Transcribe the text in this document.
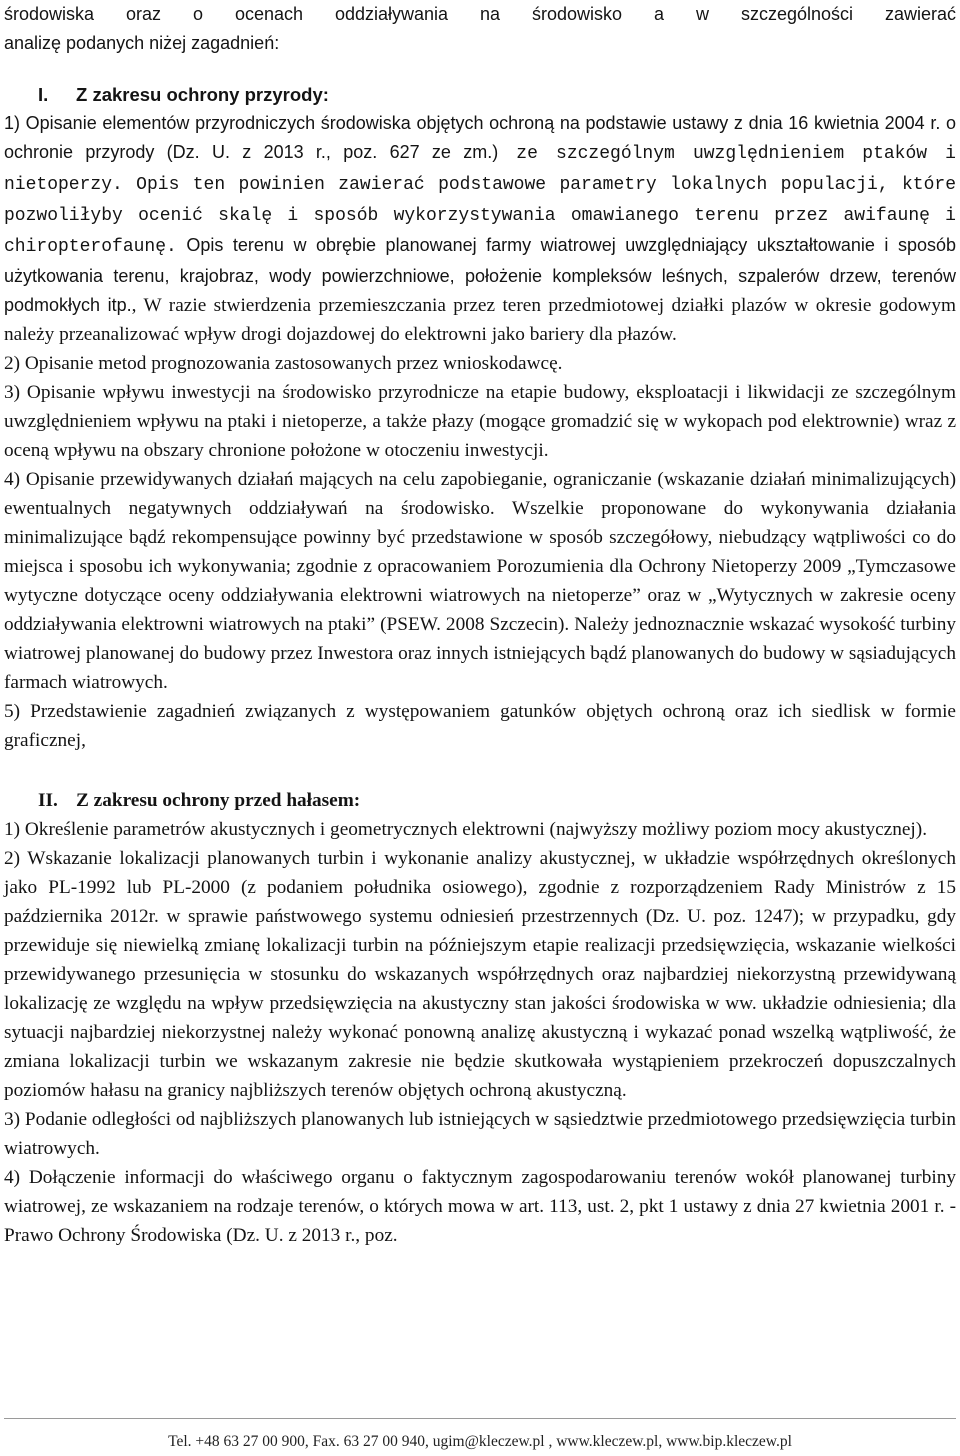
środowiska oraz o ocenach oddziaływania na środowisko a w szczególności zawierać

analizę podanych niżej zagadnień:

I. Z zakresu ochrony przyrody:

1) Opisanie elementów przyrodniczych środowiska objętych ochroną na podstawie ustawy z dnia 16 kwietnia 2004 r. o ochronie przyrody (Dz. U. z 2013 r., poz. 627 ze zm.) ze szczególnym uwzględnieniem ptaków i nietoperzy. Opis ten powinien zawierać podstawowe parametry lokalnych populacji, które pozwoliłyby ocenić skalę i sposób wykorzystywania omawianego terenu przez awifaunę i chiropterofaunę. Opis terenu w obrębie planowanej farmy wiatrowej uwzględniający ukształtowanie i sposób użytkowania terenu, krajobraz, wody powierzchniowe, położenie kompleksów leśnych, szpalerów drzew, terenów podmokłych itp., W razie stwierdzenia przemieszczania przez teren przedmiotowej działki plazów w okresie godowym należy przeanalizować wpływ drogi dojazdowej do elektrowni jako bariery dla płazów.

2) Opisanie metod prognozowania zastosowanych przez wnioskodawcę.

3) Opisanie wpływu inwestycji na środowisko przyrodnicze na etapie budowy, eksploatacji i likwidacji ze szczególnym uwzględnieniem wpływu na ptaki i nietoperze, a także płazy (mogące gromadzić się w wykopach pod elektrownie) wraz z oceną wpływu na obszary chronione położone w otoczeniu inwestycji.

4) Opisanie przewidywanych działań mających na celu zapobieganie, ograniczanie (wskazanie działań minimalizujących) ewentualnych negatywnych oddziaływań na środowisko. Wszelkie proponowane do wykonywania działania minimalizujące bądź rekompensujące powinny być przedstawione w sposób szczegółowy, niebudzący wątpliwości co do miejsca i sposobu ich wykonywania; zgodnie z opracowaniem Porozumienia dla Ochrony Nietoperzy 2009 „Tymczasowe wytyczne dotyczące oceny oddziaływania elektrowni wiatrowych na nietoperze” oraz w „Wytycznych w zakresie oceny oddziaływania elektrowni wiatrowych na ptaki” (PSEW. 2008 Szczecin). Należy jednoznacznie wskazać wysokość turbiny wiatrowej planowanej do budowy przez Inwestora oraz innych istniejących bądź planowanych do budowy w sąsiadujących farmach wiatrowych.

5) Przedstawienie zagadnień związanych z występowaniem gatunków objętych ochroną oraz ich siedlisk w formie graficznej,

II. Z zakresu ochrony przed hałasem:

1) Określenie parametrów akustycznych i geometrycznych elektrowni (najwyższy możliwy poziom mocy akustycznej).

2) Wskazanie lokalizacji planowanych turbin i wykonanie analizy akustycznej, w układzie współrzędnych określonych jako PL-1992 lub PL-2000 (z podaniem południka osiowego), zgodnie z rozporządzeniem Rady Ministrów z 15 października 2012r. w sprawie państwowego systemu odniesień przestrzennych (Dz. U. poz. 1247); w przypadku, gdy przewiduje się niewielką zmianę lokalizacji turbin na późniejszym etapie realizacji przedsięwzięcia, wskazanie wielkości przewidywanego przesunięcia w stosunku do wskazanych współrzędnych oraz najbardziej niekorzystną przewidywaną lokalizację ze względu na wpływ przedsięwzięcia na akustyczny stan jakości środowiska w ww. układzie odniesienia; dla sytuacji najbardziej niekorzystnej należy wykonać ponowną analizę akustyczną i wykazać ponad wszelką wątpliwość, że zmiana lokalizacji turbin we wskazanym zakresie nie będzie skutkowała wystąpieniem przekroczeń dopuszczalnych poziomów hałasu na granicy najbliższych terenów objętych ochroną akustyczną.

3) Podanie odległości od najbliższych planowanych lub istniejących w sąsiedztwie przedmiotowego przedsięwzięcia turbin wiatrowych.

4) Dołączenie informacji do właściwego organu o faktycznym zagospodarowaniu terenów wokół planowanej turbiny wiatrowej, ze wskazaniem na rodzaje terenów, o których mowa w art. 113, ust. 2, pkt 1 ustawy z dnia 27 kwietnia 2001 r. - Prawo Ochrony Środowiska (Dz. U. z 2013 r., poz.

Tel. +48 63 27 00 900, Fax. 63 27 00 940, ugim@kleczew.pl , www.kleczew.pl, www.bip.kleczew.pl
